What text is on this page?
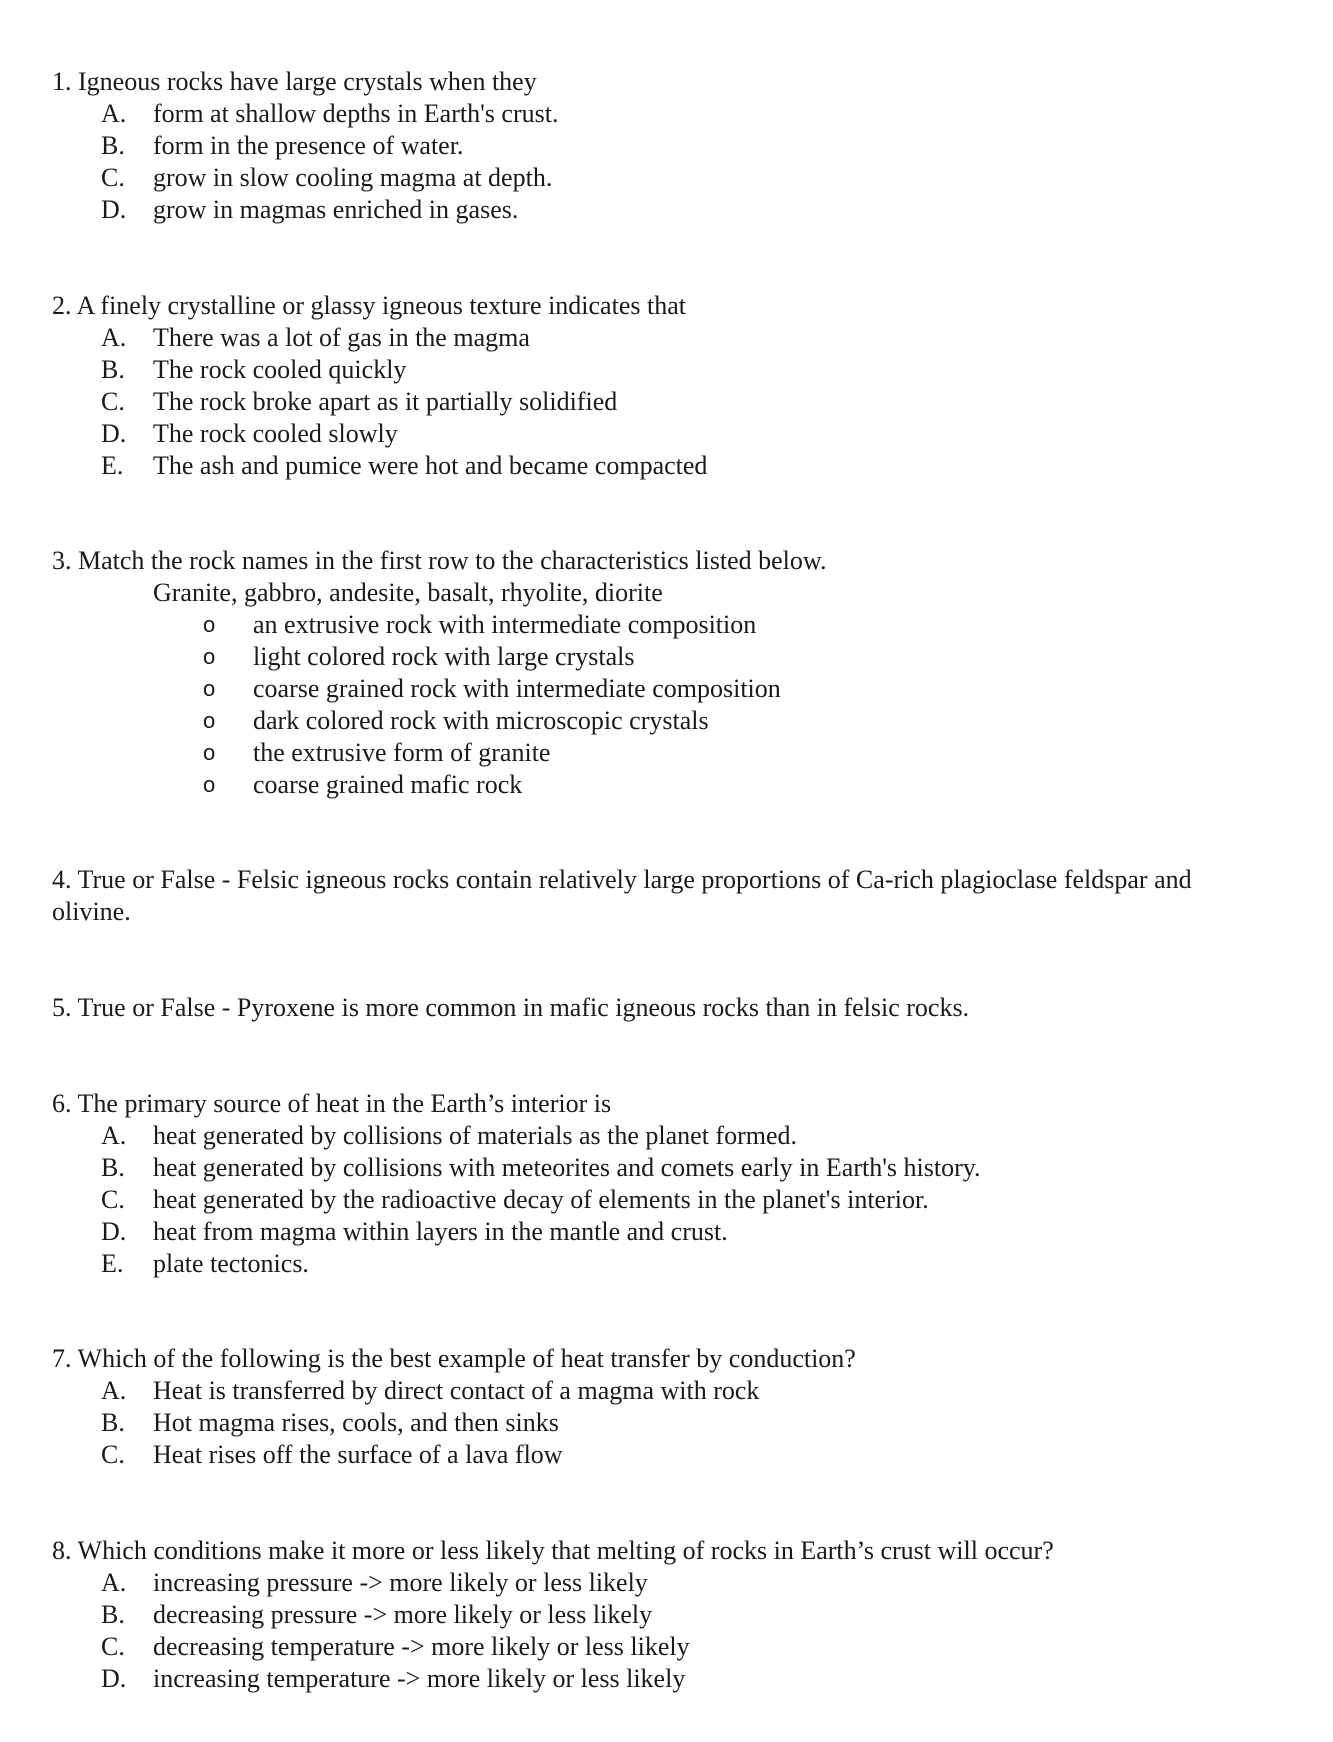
1. Igneous rocks have large crystals when they
A. form at shallow depths in Earth's crust.
B. form in the presence of water.
C. grow in slow cooling magma at depth.
D. grow in magmas enriched in gases.
2. A finely crystalline or glassy igneous texture indicates that
A. There was a lot of gas in the magma
B. The rock cooled quickly
C. The rock broke apart as it partially solidified
D. The rock cooled slowly
E. The ash and pumice were hot and became compacted
3. Match the rock names in the first row to the characteristics listed below.
Granite, gabbro, andesite, basalt, rhyolite, diorite
o an extrusive rock with intermediate composition
o light colored rock with large crystals
o coarse grained rock with intermediate composition
o dark colored rock with microscopic crystals
o the extrusive form of granite
o coarse grained mafic rock
4. True or False - Felsic igneous rocks contain relatively large proportions of Ca-rich plagioclase feldspar and
olivine.
5. True or False - Pyroxene is more common in mafic igneous rocks than in felsic rocks.
6. The primary source of heat in the Earth’s interior is
A. heat generated by collisions of materials as the planet formed.
B. heat generated by collisions with meteorites and comets early in Earth's history.
C. heat generated by the radioactive decay of elements in the planet's interior.
D. heat from magma within layers in the mantle and crust.
E. plate tectonics.
7. Which of the following is the best example of heat transfer by conduction?
A. Heat is transferred by direct contact of a magma with rock
B. Hot magma rises, cools, and then sinks
C. Heat rises off the surface of a lava flow
8. Which conditions make it more or less likely that melting of rocks in Earth’s crust will occur?
A. increasing pressure -> more likely or less likely
B. decreasing pressure -> more likely or less likely
C. decreasing temperature -> more likely or less likely
D. increasing temperature -> more likely or less likely
